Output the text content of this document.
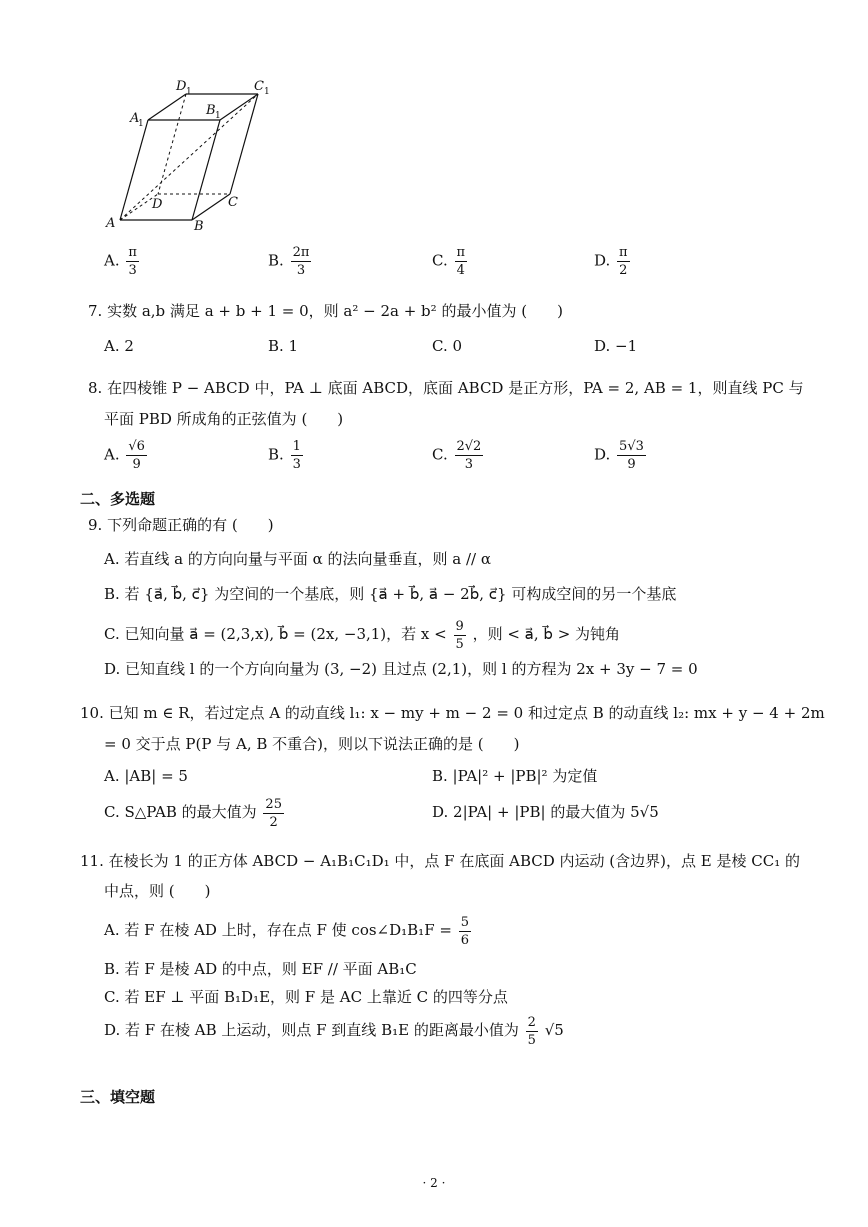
A	B
C
D
A
1
B 1
C 1
D 1
A. $\frac{\pi}{3}$	B. $\frac{2\pi}{3}$	C. $\frac{\pi}{4}$	D. $\frac{\pi}{2}$
7. 实数 a,b 满足 a + b + 1 = 0，则 a² − 2a + b² 的最小值为 (　　)
A. 2	B. 1	C. 0	D. −1
8. 在四棱锥 P − ABCD 中，PA ⊥ 底面 ABCD，底面 ABCD 是正方形，PA = 2, AB = 1，则直线 PC 与
平面 PBD 所成角的正弦值为 (　　)
A. $\frac{√6}{9}$	B. $\frac{1}{3}$	C. $\frac{2√2}{3}$	D. $\frac{5√3}{9}$
二、多选题
9. 下列命题正确的有 (　　)
A. 若直线 a 的方向向量与平面 α 的法向量垂直，则 a // α
B. 若 {a⃗, b⃗, c⃗} 为空间的一个基底，则 {a⃗ + b⃗, a⃗ − 2b⃗, c⃗} 可构成空间的另一个基底
C. 已知向量 a⃗ = (2,3,x), b⃗ = (2x, −3,1)，若 $x < \frac{9}{5}$ ，则 < a⃗, b⃗ > 为钝角
D. 已知直线 l 的一个方向向量为 (3, −2) 且过点 (2,1)，则 l 的方程为 2x + 3y − 7 = 0
10. 已知 m ∈ R，若过定点 A 的动直线 l₁: x − my + m − 2 = 0 和过定点 B 的动直线 l₂: mx + y − 4 + 2m
= 0 交于点 P(P 与 A, B 不重合)，则以下说法正确的是 (　　)
A. |AB| = 5	B. |PA|² + |PB|² 为定值
C. S△PAB 的最大值为 $\frac{25}{2}$	D. 2|PA| + |PB| 的最大值为 5√5
11. 在棱长为 1 的正方体 ABCD − A₁B₁C₁D₁ 中，点 F 在底面 ABCD 内运动 (含边界)，点 E 是棱 CC₁ 的
中点，则 (　　)
A. 若 F 在棱 AD 上时，存在点 F 使 cos∠D₁B₁F = $\frac{5}{6}$
B. 若 F 是棱 AD 的中点，则 EF // 平面 AB₁C
C. 若 EF ⊥ 平面 B₁D₁E，则 F 是 AC 上靠近 C 的四等分点
D. 若 F 在棱 AB 上运动，则点 F 到直线 B₁E 的距离最小值为 $\frac{2}{5} √5$
三、填空题
· 2 ·
